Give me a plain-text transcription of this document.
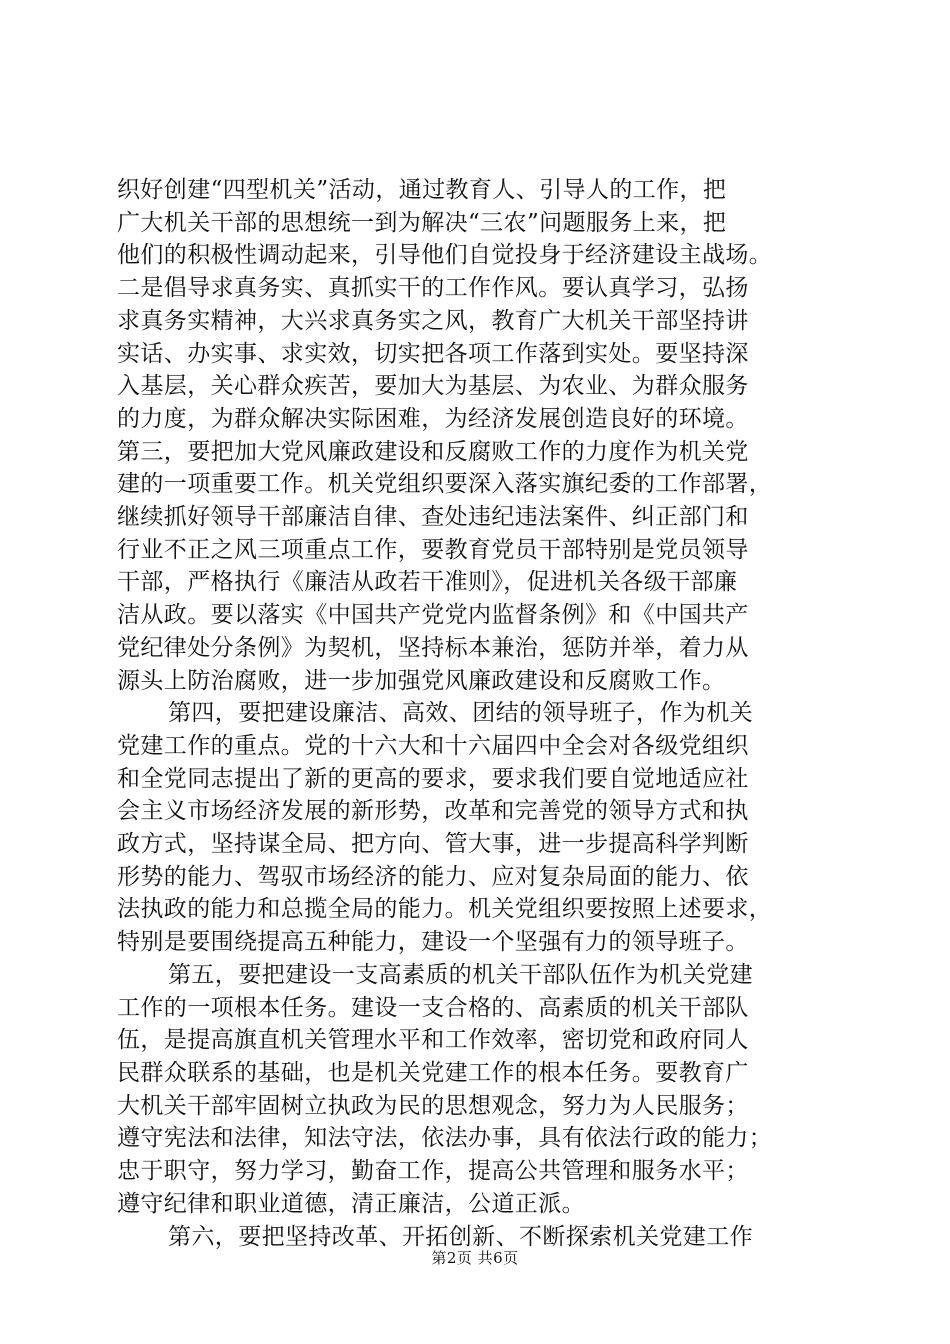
织好创建“四型机关”活动，通过教育人、引导人的工作，把
广大机关干部的思想统一到为解决“三农”问题服务上来，把
他们的积极性调动起来，引导他们自觉投身于经济建设主战场。
二是倡导求真务实、真抓实干的工作作风。要认真学习，弘扬
求真务实精神，大兴求真务实之风，教育广大机关干部坚持讲
实话、办实事、求实效，切实把各项工作落到实处。要坚持深
入基层，关心群众疾苦，要加大为基层、为农业、为群众服务
的力度，为群众解决实际困难，为经济发展创造良好的环境。
第三，要把加大党风廉政建设和反腐败工作的力度作为机关党
建的一项重要工作。机关党组织要深入落实旗纪委的工作部署，
继续抓好领导干部廉洁自律、查处违纪违法案件、纠正部门和
行业不正之风三项重点工作，要教育党员干部特别是党员领导
干部，严格执行《廉洁从政若干准则》，促进机关各级干部廉
洁从政。要以落实《中国共产党党内监督条例》和《中国共产
党纪律处分条例》为契机，坚持标本兼治，惩防并举，着力从
源头上防治腐败，进一步加强党风廉政建设和反腐败工作。
第四，要把建设廉洁、高效、团结的领导班子，作为机关
党建工作的重点。党的十六大和十六届四中全会对各级党组织
和全党同志提出了新的更高的要求，要求我们要自觉地适应社
会主义市场经济发展的新形势，改革和完善党的领导方式和执
政方式，坚持谋全局、把方向、管大事，进一步提高科学判断
形势的能力、驾驭市场经济的能力、应对复杂局面的能力、依
法执政的能力和总揽全局的能力。机关党组织要按照上述要求，
特别是要围绕提高五种能力，建设一个坚强有力的领导班子。
第五，要把建设一支高素质的机关干部队伍作为机关党建
工作的一项根本任务。建设一支合格的、高素质的机关干部队
伍，是提高旗直机关管理水平和工作效率，密切党和政府同人
民群众联系的基础，也是机关党建工作的根本任务。要教育广
大机关干部牢固树立执政为民的思想观念，努力为人民服务；
遵守宪法和法律，知法守法，依法办事，具有依法行政的能力；
忠于职守，努力学习，勤奋工作，提高公共管理和服务水平；
遵守纪律和职业道德，清正廉洁，公道正派。
第六，要把坚持改革、开拓创新、不断探索机关党建工作
第2页 共6页
